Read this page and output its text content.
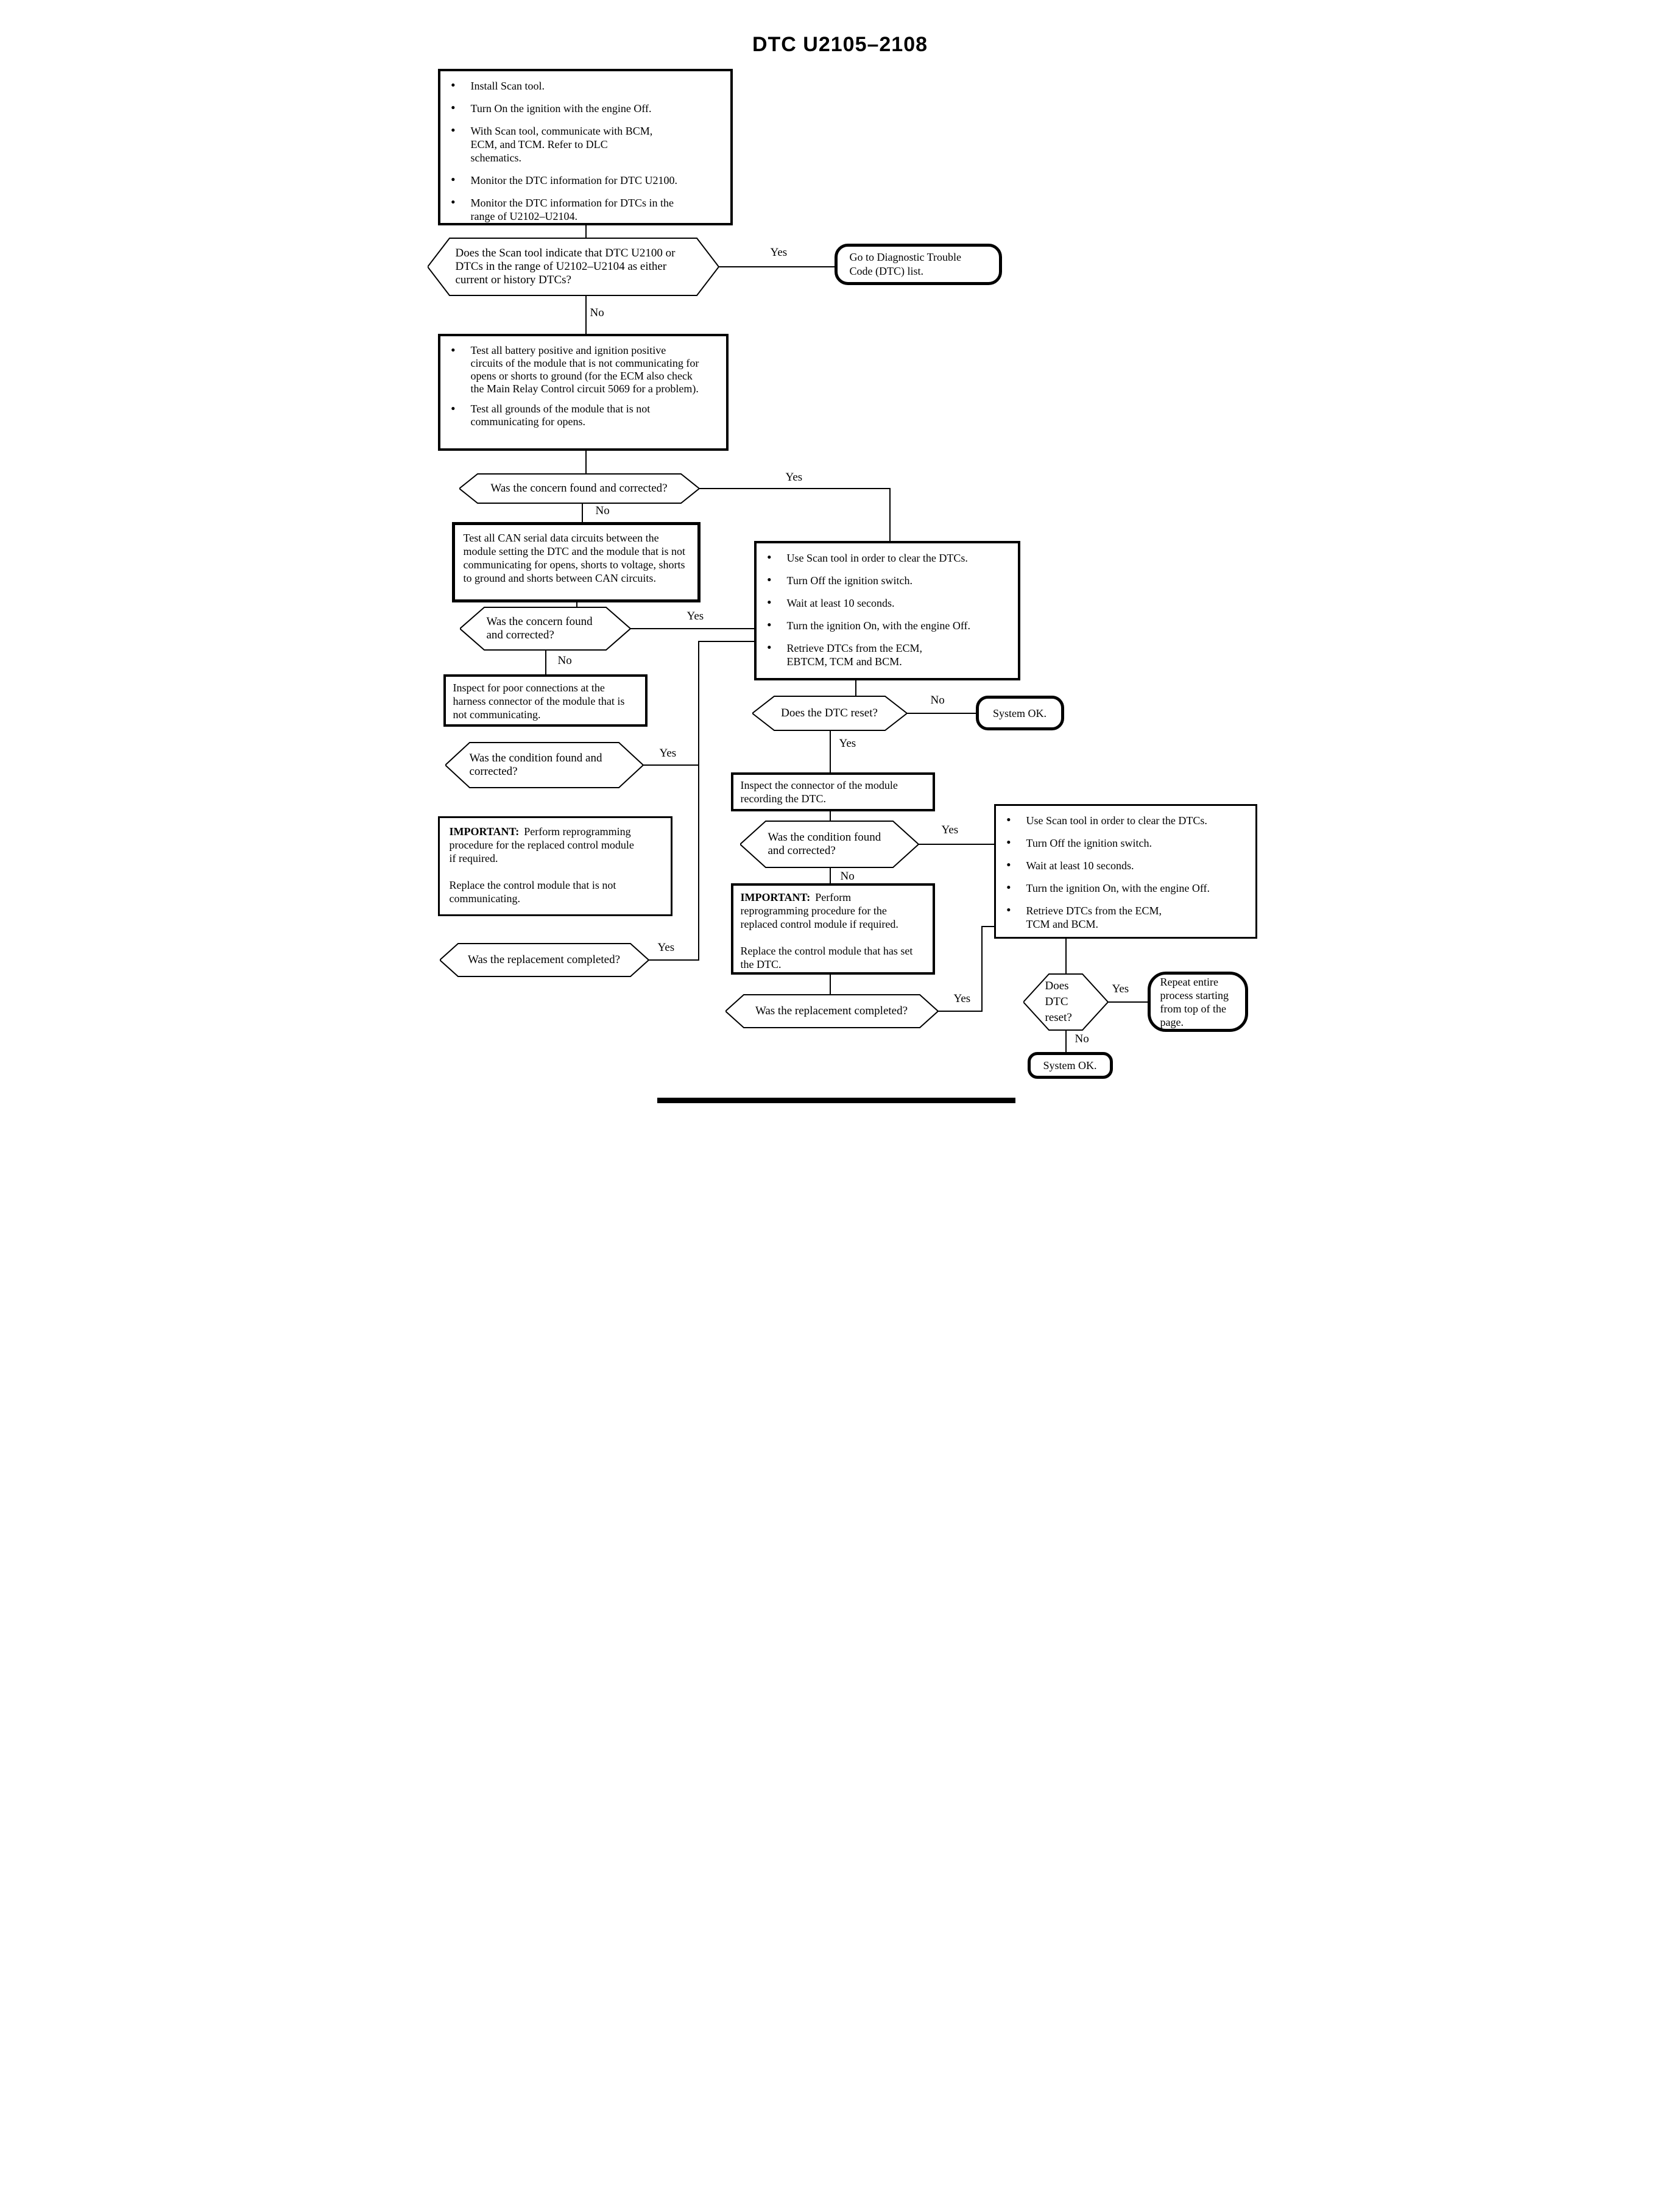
DTC U2105–2108
Yes
No
Yes
No
Yes
No
No
Yes
Yes
Yes
No
Yes
Yes
Yes
No
•	Install Scan tool.
•	Turn On the ignition with the engine Off.
•	With Scan tool, communicate with BCM, ECM, and TCM. Refer to DLC schematics.
•	Monitor the DTC information for DTC U2100.
•	Monitor the DTC information for DTCs in the range of U2102–U2104.
Does the Scan tool indicate that DTC U2100 or DTCs in the range of U2102–U2104 as either current or history DTCs?
Go to Diagnostic Trouble Code (DTC) list.
•	Test all battery positive and ignition positive circuits of the module that is not communicating for opens or shorts to ground (for the ECM also check the Main Relay Control circuit 5069 for a problem).
•	Test all grounds of the module that is not communicating for opens.
Was the concern found and corrected?
Test all CAN serial data circuits between the module setting the DTC and the module that is not communicating for opens, shorts to voltage, shorts to ground and shorts between CAN circuits.
Was the concern found and corrected?
•	Use Scan tool in order to clear the DTCs.
•	Turn Off the ignition switch.
•	Wait at least 10 seconds.
•	Turn the ignition On, with the engine Off.
•	Retrieve DTCs from the ECM, EBTCM, TCM and BCM.
Inspect for poor connections at the harness connector of the module that is not communicating.	Does the DTC reset?	System OK.
Was the condition found and corrected?
Inspect the connector of the module recording the DTC.
Was the condition found and corrected?
•	Use Scan tool in order to clear the DTCs.
•	Turn Off the ignition switch.
•	Wait at least 10 seconds.
•	Turn the ignition On, with the engine Off.
•	Retrieve DTCs from the ECM, TCM and BCM.
IMPORTANT: Perform reprogramming procedure for the replaced control module if required.
Replace the control module that is not communicating.	IMPORTANT: Perform reprogramming procedure for the replaced control module if required.
Replace the control module that has set the DTC.
Was the replacement completed?
Was the replacement completed?
Does DTC reset?
Repeat entire process starting from top of the page.
System OK.
